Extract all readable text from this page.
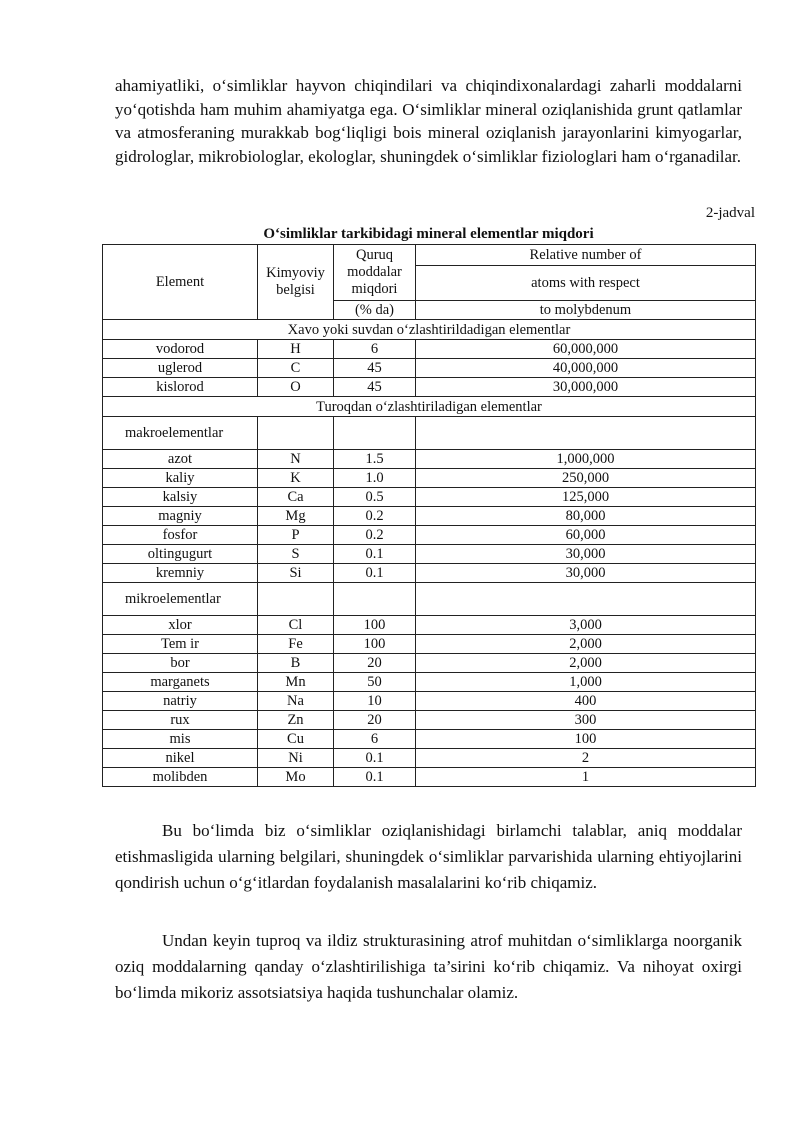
ahamiyatliki, o‘simliklar hayvon chiqindilari va chiqindixonalardagi zaharli moddalarni yo‘qotishda ham muhim ahamiyatga ega. O‘simliklar mineral oziqlanishida grunt qatlamlar va atmosferaning murakkab bog‘liqligi bois mineral oziqlanish jarayonlarini kimyogarlar, gidrologlar, mikrobiologlar, ekologlar, shuningdek o‘simliklar fiziologlari ham o‘rganadilar.

2-jadval
O‘simliklar tarkibidagi mineral elementlar miqdori
Element	Kimyoviy belgisi	Quruq moddalar miqdori	Relative number of
			atoms with respect
		(% da)	to molybdenum
Xavo yoki suvdan o‘zlashtirildadigan elementlar			
vodorod	H	6	60,000,000
uglerod	C	45	40,000,000
kislorod	O	45	30,000,000
Turoqdan o‘zlashtiriladigan elementlar			
makroelementlar			
azot	N	1.5	1,000,000
kaliy	K	1.0	250,000
kalsiy	Ca	0.5	125,000
magniy	Mg	0.2	80,000
fosfor	P	0.2	60,000
oltingugurt	S	0.1	30,000
kremniy	Si	0.1	30,000
mikroelementlar			
xlor	Cl	100	3,000
Tem ir	Fe	100	2,000
bor	B	20	2,000
marganets	Mn	50	1,000
natriy	Na	10	400
rux	Zn	20	300
mis	Cu	6	100
nikel	Ni	0.1	2
molibden	Mo	0.1	1

Bu bo‘limda biz o‘simliklar oziqlanishidagi birlamchi talablar, aniq moddalar etishmasligida ularning belgilari, shuningdek o‘simliklar parvarishida ularning ehtiyojlarini qondirish uchun o‘g‘itlardan foydalanish masalalarini ko‘rib chiqamiz.

Undan keyin tuproq va ildiz strukturasining atrof muhitdan o‘simliklarga noorganik oziq moddalarning qanday o‘zlashtirilishiga ta’sirini ko‘rib chiqamiz. Va nihoyat oxirgi bo‘limda mikoriz assotsiatsiya haqida tushunchalar olamiz.
